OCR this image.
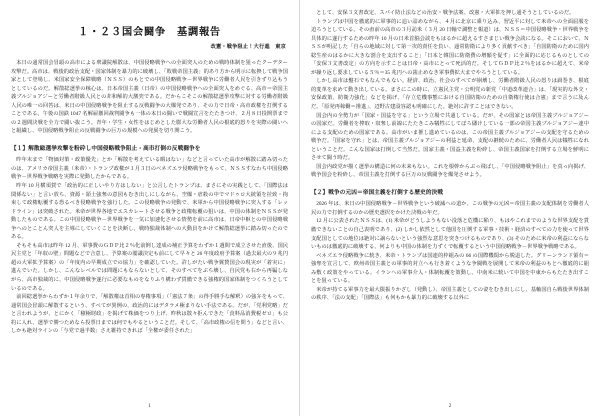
１・２３国会闘争　基調報告
改憲・戦争阻止！大行進　東京

本日の通常国会冒頭の高市による衆議院解散は、中国侵略戦争への全面突入のための戦時体制を狙ったクーデター攻撃だ。高市は、戦後的政治支配・国家体制を暴力的に破壊し、「敗戦帝国主義」的あり方から明示に転換して戦争国家として登場し、米国家安全保障戦略（ＮＳＳ）のもとでの中国侵略戦争－世界戦争に労働者人民を引きずり込もうとしているのだ。解散総選挙の核心は、日本帝国主義（日帝）の中国侵略戦争への全面突入をめぐる、高市＝帝国主義ブルジョアジーと労働者階級人民との非和解的大激突である。だからこそこの解散総選挙攻撃に対する労働者階級人民の唯一の回答は、米日の中国侵略戦争を阻止する反戦闘争の大爆発であり、その力で日帝・高市政権を打倒することである。午後の国鉄 1047 名解雇撤回裁判闘争も一体の本日の闘いで戦闘宣言をたたきつけ、２月８日投開票までの２週間決戦を全力で闘い抜こう。青年・学生・女性をはじめとした膨大な労働者人民の根底的怒りを実際の闘いへと組織し、中国侵略戦争阻止の反戦闘争の巨万の規模への発展を切り開こう。

【１】解散総選挙攻撃を粉砕し中国侵略戦争阻止・高市打倒の反戦闘争を

昨年末まで「物価対策・政策優先」とか「解散を考えている暇はない」などと言っていた高市が解散に踏み切ったのは、アメリカ帝国主義（米帝）・トランプ政権が１月３日のベネズエラ侵略戦争をもって、ＮＳＳすなわち中国侵略戦争－世界戦争戦略を実際に発動したからである。

昨年 10 月横須賀で「政治的に正しいやり方はしない」と公言したトランプは、まさにその実践として、「国際法は関係ない」と言い放ち、資源・領土強奪の意図もむき出しにしながら、空爆・虐殺の中でマドゥロ大統領を拉致・拘束して政権転覆する恐るべき侵略戦争を強行した。この侵略戦争の発動で、米軍から中国侵略戦争に突入する「レッドライン」は突破された。米帝が世界各地でエスカレートさせる戦争と政権転覆の狙いは、中国の体制をＮＳＳが発動したものである。この中国侵略戦争－世界戦争を一気に加速化させる情勢を前に高市は、日帝中枢との中国侵略戦争へのとことん突入を主導にしていくことを決断し、戦時独裁体制への大動員をかけて解散総選挙に踏み切ったのである。

そもそも高市は昨年 12 月、軍事費のＧＤＰ比２％化前倒し達成の補正予算をわずか１週間で成立させた直後、国民民主党と「年収の壁」問題などで合意し、予算案の閣議決定も前にして早々と 26 年度政府予算案（過去最大の９兆円超の大軍拡予算案）の「年度内の早期成立での協力」を確認していた。許しがたい戦争翼賛国会の現実が「着実に」進んでいた。しかし、こんなレベルでは問題にもならないとして、そのすべてをぶち壊し、自民党も右から再編しながら、高市独裁的に、中国侵略戦争遂行に必要なものをなりふり構わず貫徹できる強権的国家体制をつくろうとしているのである。

前回総選挙からわずか１年余りで、「解散権は首相の専権事項」（「憲法７条」の得手勝手な解釈）の強弁をもって、通常国会冒頭に解散するという、すべてが異例の、政治的にはデタラメ極まりない手法である。だが、「党利党略」だと言われようが、とにかく「積極財政」を掲げて株価をつり上げ、昨秋は散々拒んできた「食料品消費税ゼロ」も公約に入れ、選挙で勝つためなら投票日までは何でもやるということだ。そして、「高市政権の信を問う」などと言い、しかも絶対ラインの「与党で過半数」さえ維持できれば「全権が委任された」

1

として、安保３文書改定、スパイ防止法などの治安・戦争法案、改憲・大軍拡を押し通そうとしているのだ。

トランプは中国を徹底的に軍事的に追い詰めながら、４月に北京に乗り込み、習近平に対して米帝への全面屈服を迫ろうとしている。その直前の高市の３月訪米（３月 20 日軸で調整と報道）は、ＮＳＳ＝中国侵略戦争・世界戦争を具体的に遂行するための昨年 10 月の日米首脳会談をもはるかに超えるすさまじい戦争会談になる。そこにおいて、ＮＳＳが明記した「自らの地域に対して第一次的責任を負い、通常防衛により多く貢献すべき」「自国防衛のために国内総生産のはるかに大きな割合を支出すること」「日本と韓国に防衛費の増額を促す」に全面的に応じるものとしての「安保３文書改定」の方向を示すことは日帝・高市にとって死活的だ。そしてＧＤＰ比２％をはるかに超えて、米帝が繰り返し要求している５％＝35 兆円への歯止めなき軍事費拡大までやろうとしている。

しかし高市は盤石でもなんでもない。経済、政治、社会のすべてが崩壊し、労働者階級人民の怒りは渦巻き、根底的変革を求めて動き出している。まさにこの時に、立憲民主党・公明党の新党「中道改革連合」は、「現実的な外交・安保政策、防衛力強化」などを掲げ、「存立危機事態における自国防衛のための自衛権行使は合憲」まで言うに及んだ。「原発再稼働＝推進」、辺野古建設容認も明確にした。絶対に許すことはできない。

国会内の全勢力が「国家・国益を守る」という立場で共通している。だが、その国家とは帝国主義ブルジョアジーの国家だ。労働者を搾取・収奪し前線にたたきこみ犠牲にしてぼろ儲けしている一部の帝国主義ブルジョアジー連中による支配のための国家である。高市がいま推し進めているのは、この帝国主義ブルジョアジーの支配を守るための戦争だ。「国家を守れ」とは、帝国主義ブルジョアジーの利益と延命、支配の継続のために、労働者人民は犠牲になれということだ。こんな国家は打倒して当然だ。国家主義・国益主義を粉砕し、帝国主義国家を打倒する立場を鮮明にさせて闘う時だ。

国会内政党が描く選挙の構造に何の未来もない。これを根幹からぶっ飛ばし、「中国侵略戦争阻止」を真っ向掲げ、戦争国会を粉砕し、帝国主義を打倒する巨万の反戦闘争を爆発させよう。

【２】戦争の元凶＝帝国主義を打倒する歴史的決戦

2026 年は、米日の中国侵略戦争－世界戦争という破滅への道か、この戦争の元凶＝帝国主義の支配体制を労働者人民の力で打倒するのかの歴史選択をかけた決戦の年だ。

12 月に公表されたＮＳＳは、(1) 米帝がどうしようもない没落と危機に陥り、もはやこれまでのような世界支配を貫徹できないことの自己表明であり、(2) しかし依然として他国を圧倒する軍事・技術・経済のすべての力を使って世界支配国としての地位は絶対に譲らないという強烈な意思を突きつけるものであり、(3) そのために米帝の利益にならないものは徹底的に破壊する、何よりも中国の体制を力ずくで転覆するという中国侵略戦争－世界戦争戦略である。

ベネズエラ侵略戦争に続き、米帝・トランプは国連的枠組みの 66 の国際機関から脱退した。グリーンランド領有＝強奪を宣言して、欧州帝国主義との軍事的対立へも行き着くような争闘戦を展開して米帝の利益のもとへ徹底的に組み敷く政策をやっている。イランへの軍事介入・体制転覆を策動し、中南米に続いて中国を中東からもたたき出すことを狙っている。

米帝が持てる軍事力を最大限振りかざし（発動し）、帝国主義としての姿をむき出しにし、基軸国自ら戦後世界体制の秩序、「法の支配」「国際法」も何もかも暴力的に破壊する以外に

2
